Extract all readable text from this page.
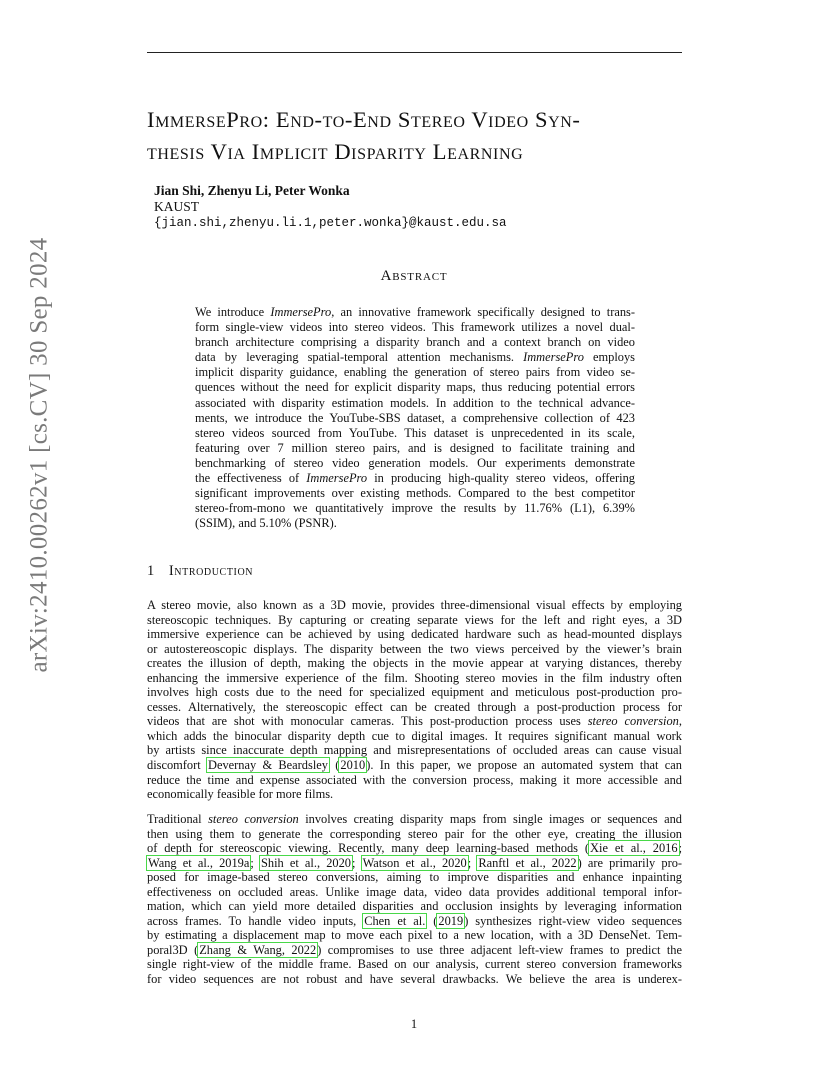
arXiv:2410.00262v1 [cs.CV] 30 Sep 2024
ImmersePro: End-to-End Stereo Video Syn-
thesis Via Implicit Disparity Learning
Jian Shi, Zhenyu Li, Peter Wonka
KAUST
{jian.shi,zhenyu.li.1,peter.wonka}@kaust.edu.sa
Abstract
We introduce ImmersePro, an innovative framework specifically designed to trans-
form single-view videos into stereo videos. This framework utilizes a novel dual-
branch architecture comprising a disparity branch and a context branch on video
data by leveraging spatial-temporal attention mechanisms. ImmersePro employs
implicit disparity guidance, enabling the generation of stereo pairs from video se-
quences without the need for explicit disparity maps, thus reducing potential errors
associated with disparity estimation models. In addition to the technical advance-
ments, we introduce the YouTube-SBS dataset, a comprehensive collection of 423
stereo videos sourced from YouTube. This dataset is unprecedented in its scale,
featuring over 7 million stereo pairs, and is designed to facilitate training and
benchmarking of stereo video generation models. Our experiments demonstrate
the effectiveness of ImmersePro in producing high-quality stereo videos, offering
significant improvements over existing methods. Compared to the best competitor
stereo-from-mono we quantitatively improve the results by 11.76% (L1), 6.39%
(SSIM), and 5.10% (PSNR).
1 Introduction
A stereo movie, also known as a 3D movie, provides three-dimensional visual effects by employing
stereoscopic techniques. By capturing or creating separate views for the left and right eyes, a 3D
immersive experience can be achieved by using dedicated hardware such as head-mounted displays
or autostereoscopic displays. The disparity between the two views perceived by the viewer’s brain
creates the illusion of depth, making the objects in the movie appear at varying distances, thereby
enhancing the immersive experience of the film. Shooting stereo movies in the film industry often
involves high costs due to the need for specialized equipment and meticulous post-production pro-
cesses. Alternatively, the stereoscopic effect can be created through a post-production process for
videos that are shot with monocular cameras. This post-production process uses stereo conversion,
which adds the binocular disparity depth cue to digital images. It requires significant manual work
by artists since inaccurate depth mapping and misrepresentations of occluded areas can cause visual
discomfort Devernay & Beardsley (2010). In this paper, we propose an automated system that can
reduce the time and expense associated with the conversion process, making it more accessible and
economically feasible for more films.
Traditional stereo conversion involves creating disparity maps from single images or sequences and
then using them to generate the corresponding stereo pair for the other eye, creating the illusion
of depth for stereoscopic viewing. Recently, many deep learning-based methods (Xie et al., 2016;
Wang et al., 2019a; Shih et al., 2020; Watson et al., 2020; Ranftl et al., 2022) are primarily pro-
posed for image-based stereo conversions, aiming to improve disparities and enhance inpainting
effectiveness on occluded areas. Unlike image data, video data provides additional temporal infor-
mation, which can yield more detailed disparities and occlusion insights by leveraging information
across frames. To handle video inputs, Chen et al. (2019) synthesizes right-view video sequences
by estimating a displacement map to move each pixel to a new location, with a 3D DenseNet. Tem-
poral3D (Zhang & Wang, 2022) compromises to use three adjacent left-view frames to predict the
single right-view of the middle frame. Based on our analysis, current stereo conversion frameworks
for video sequences are not robust and have several drawbacks. We believe the area is underex-
1
